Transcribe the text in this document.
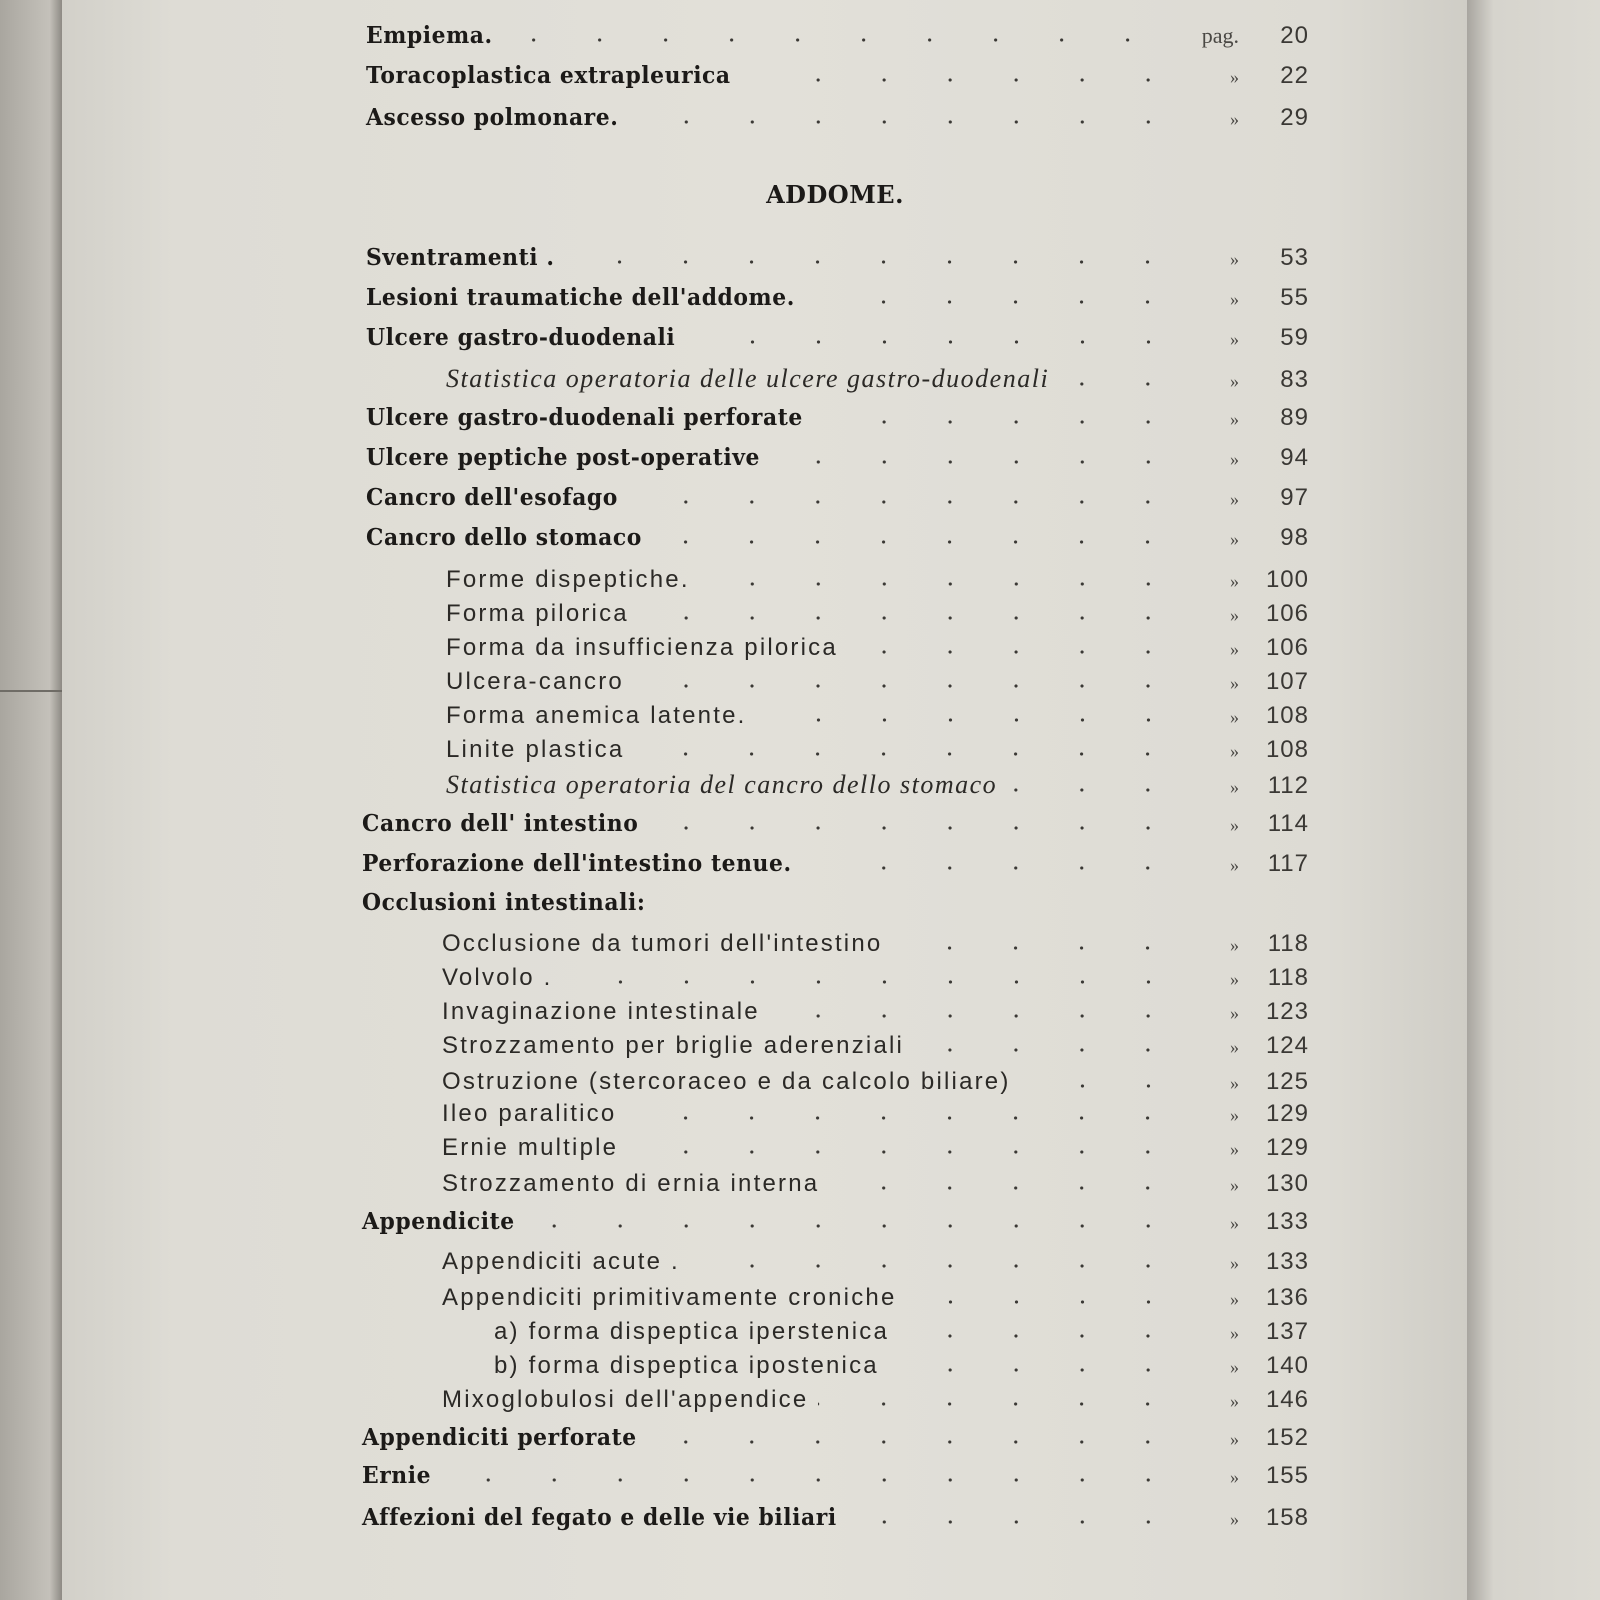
ADDOME.
Empiema.	pag.	20
Toracoplastica extrapleurica	»	22
Ascesso polmonare.	»	29
Sventramenti .	»	53
Lesioni traumatiche dell'addome.	»	55
Ulcere gastro-duodenali	»	59
Statistica operatoria delle ulcere gastro-duodenali	»	83
Ulcere gastro-duodenali perforate	»	89
Ulcere peptiche post-operative	»	94
Cancro dell'esofago	»	97
Cancro dello stomaco	»	98
Forme dispeptiche.	»	100
Forma pilorica	»	106
Forma da insufficienza pilorica	»	106
Ulcera-cancro	»	107
Forma anemica latente.	»	108
Linite plastica	»	108
Statistica operatoria del cancro dello stomaco	»	112
Cancro dell' intestino	»	114
Perforazione dell'intestino tenue.	»	117
Occlusioni intestinali:
Occlusione da tumori dell'intestino	»	118
Volvolo .	»	118
Invaginazione intestinale	»	123
Strozzamento per briglie aderenziali	»	124
Ostruzione (stercoraceo e da calcolo biliare)	»	125
Ileo paralitico	»	129
Ernie multiple	»	129
Strozzamento di ernia interna	»	130
Appendicite	»	133
Appendiciti acute .	»	133
Appendiciti primitivamente croniche	»	136
a) forma dispeptica iperstenica	»	137
b) forma dispeptica ipostenica	»	140
Mixoglobulosi dell'appendice	»	146
Appendiciti perforate	»	152
Ernie	»	155
Affezioni del fegato e delle vie biliari	»	158
